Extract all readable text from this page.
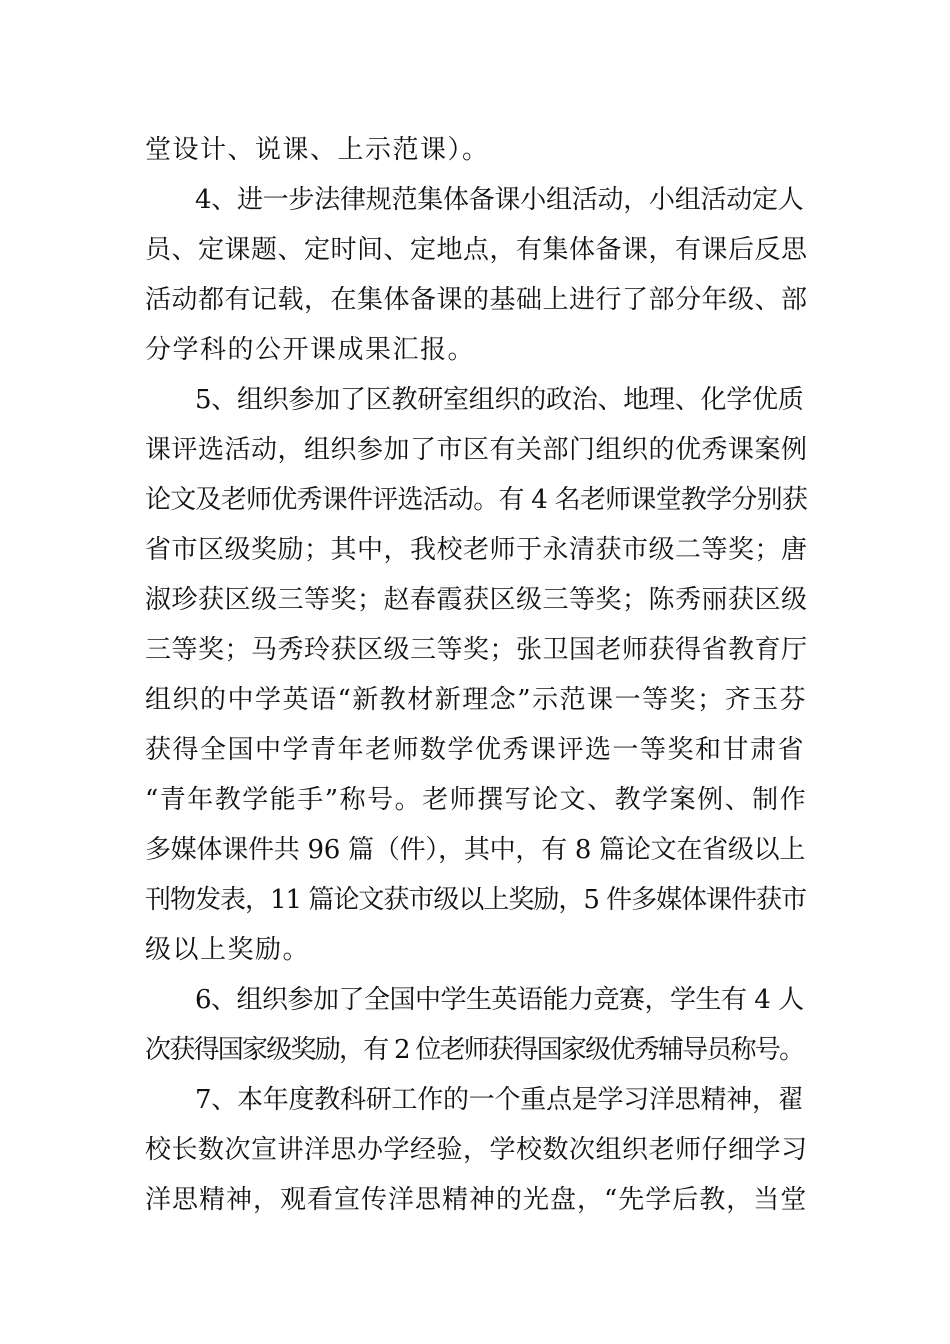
堂设计、说课、上示范课）。
4、进一步法律规范集体备课小组活动，小组活动定人
员、定课题、定时间、定地点，有集体备课，有课后反思
活动都有记载，在集体备课的基础上进行了部分年级、部
分学科的公开课成果汇报。
5、组织参加了区教研室组织的政治、地理、化学优质
课评选活动，组织参加了市区有关部门组织的优秀课案例
论文及老师优秀课件评选活动。有 4 名老师课堂教学分别获
省市区级奖励；其中，我校老师于永清获市级二等奖；唐
淑珍获区级三等奖；赵春霞获区级三等奖；陈秀丽获区级
三等奖；马秀玲获区级三等奖；张卫国老师获得省教育厅
组织的中学英语“新教材新理念”示范课一等奖；齐玉芬
获得全国中学青年老师数学优秀课评选一等奖和甘肃省
“青年教学能手”称号。老师撰写论文、教学案例、制作
多媒体课件共 96 篇（件），其中，有 8 篇论文在省级以上
刊物发表，11 篇论文获市级以上奖励，5 件多媒体课件获市
级以上奖励。
6、组织参加了全国中学生英语能力竞赛，学生有 4 人
次获得国家级奖励，有 2 位老师获得国家级优秀辅导员称号。
7、本年度教科研工作的一个重点是学习洋思精神，翟
校长数次宣讲洋思办学经验，学校数次组织老师仔细学习
洋思精神，观看宣传洋思精神的光盘，“先学后教，当堂
